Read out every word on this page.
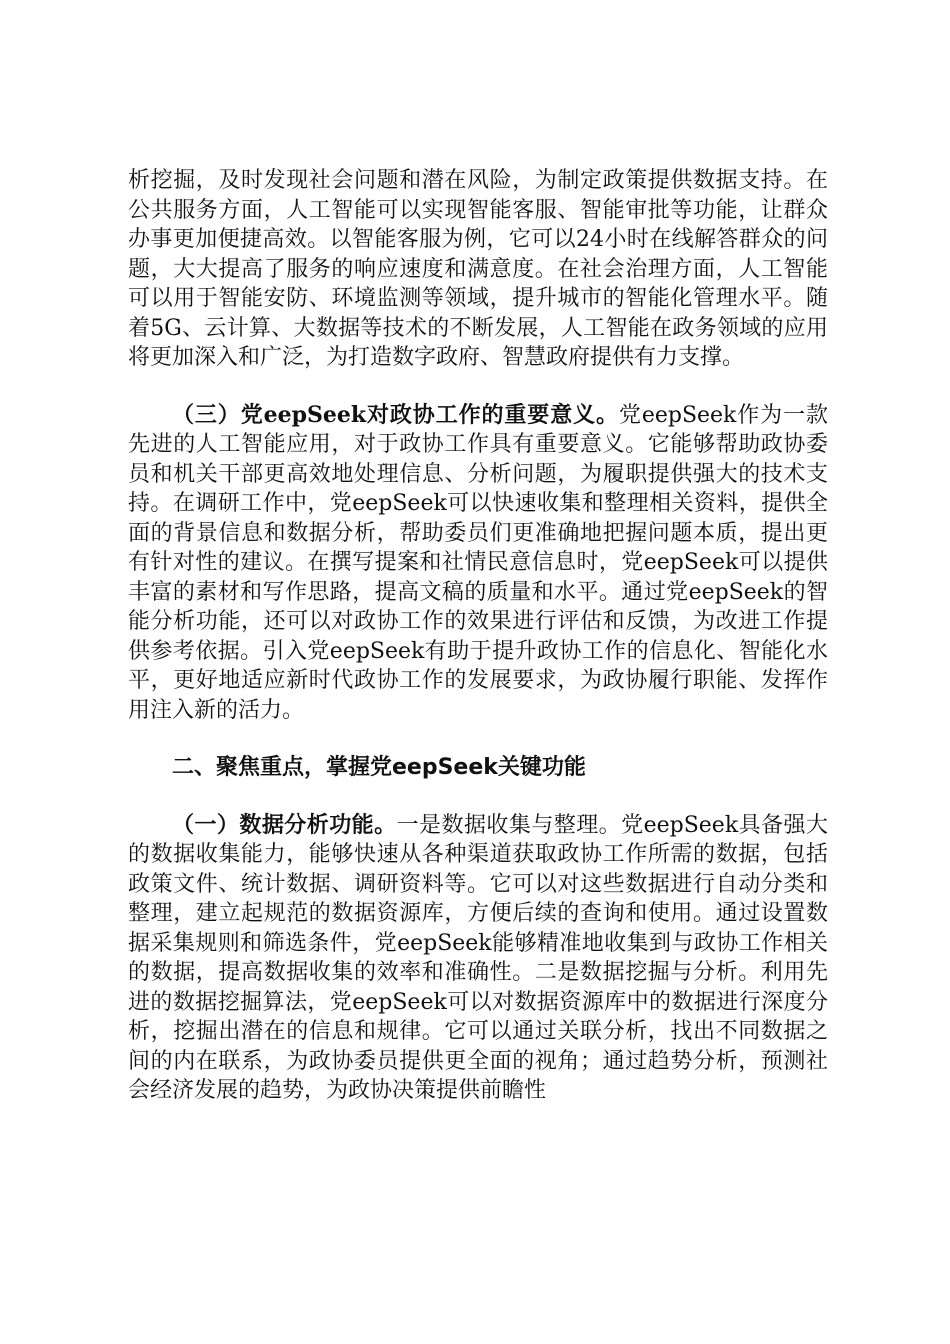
析挖掘，及时发现社会问题和潜在风险，为制定政策提供数据支持。在公共服务方面，人工智能可以实现智能客服、智能审批等功能，让群众办事更加便捷高效。以智能客服为例，它可以24小时在线解答群众的问题，大大提高了服务的响应速度和满意度。在社会治理方面，人工智能可以用于智能安防、环境监测等领域，提升城市的智能化管理水平。随着5G、云计算、大数据等技术的不断发展，人工智能在政务领域的应用将更加深入和广泛，为打造数字政府、智慧政府提供有力支撑。

（三）党eepSeek对政协工作的重要意义。党eepSeek作为一款先进的人工智能应用，对于政协工作具有重要意义。它能够帮助政协委员和机关干部更高效地处理信息、分析问题，为履职提供强大的技术支持。在调研工作中，党eepSeek可以快速收集和整理相关资料，提供全面的背景信息和数据分析，帮助委员们更准确地把握问题本质，提出更有针对性的建议。在撰写提案和社情民意信息时，党eepSeek可以提供丰富的素材和写作思路，提高文稿的质量和水平。通过党eepSeek的智能分析功能，还可以对政协工作的效果进行评估和反馈，为改进工作提供参考依据。引入党eepSeek有助于提升政协工作的信息化、智能化水平，更好地适应新时代政协工作的发展要求，为政协履行职能、发挥作用注入新的活力。

二、聚焦重点，掌握党eepSeek关键功能

（一）数据分析功能。一是数据收集与整理。党eepSeek具备强大的数据收集能力，能够快速从各种渠道获取政协工作所需的数据，包括政策文件、统计数据、调研资料等。它可以对这些数据进行自动分类和整理，建立起规范的数据资源库，方便后续的查询和使用。通过设置数据采集规则和筛选条件，党eepSeek能够精准地收集到与政协工作相关的数据，提高数据收集的效率和准确性。二是数据挖掘与分析。利用先进的数据挖掘算法，党eepSeek可以对数据资源库中的数据进行深度分析，挖掘出潜在的信息和规律。它可以通过关联分析，找出不同数据之间的内在联系，为政协委员提供更全面的视角；通过趋势分析，预测社会经济发展的趋势，为政协决策提供前瞻性
